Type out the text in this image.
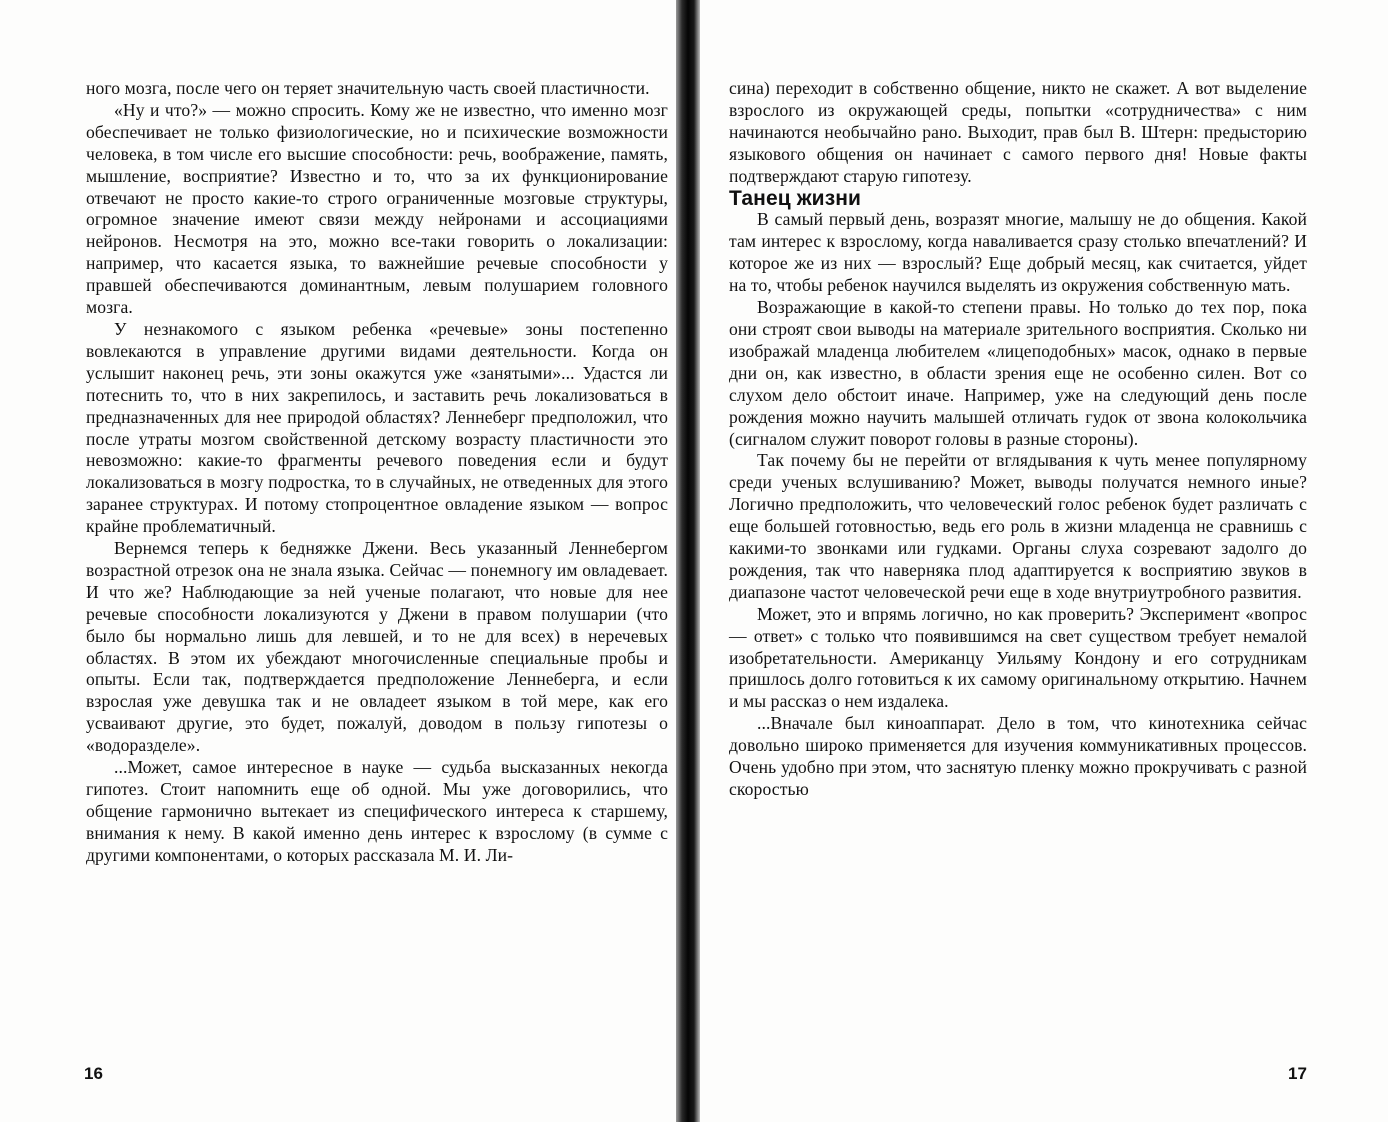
ного мозга, после чего он теряет значительную часть своей пластичности.

«Ну и что?» — можно спросить. Кому же не известно, что именно мозг обеспечивает не только физиологические, но и психические возможности человека, в том числе его высшие способности: речь, воображение, память, мышление, восприятие? Известно и то, что за их функционирование отвечают не просто какие-то строго ограниченные мозговые структуры, огромное значение имеют связи между нейронами и ассоциациями нейронов. Несмотря на это, можно все-таки говорить о локализации: например, что касается языка, то важнейшие речевые способности у правшей обеспечиваются доминантным, левым полушарием головного мозга.

У незнакомого с языком ребенка «речевые» зоны постепенно вовлекаются в управление другими видами деятельности. Когда он услышит наконец речь, эти зоны окажутся уже «занятыми»... Удастся ли потеснить то, что в них закрепилось, и заставить речь локализоваться в предназначенных для нее природой областях? Леннеберг предположил, что после утраты мозгом свойственной детскому возрасту пластичности это невозможно: какие-то фрагменты речевого поведения если и будут локализоваться в мозгу подростка, то в случайных, не отведенных для этого заранее структурах. И потому стопроцентное овладение языком — вопрос крайне проблематичный.

Вернемся теперь к бедняжке Джени. Весь указанный Леннебергом возрастной отрезок она не знала языка. Сейчас — понемногу им овладевает. И что же? Наблюдающие за ней ученые полагают, что новые для нее речевые способности локализуются у Джени в правом полушарии (что было бы нормально лишь для левшей, и то не для всех) в неречевых областях. В этом их убеждают многочисленные специальные пробы и опыты. Если так, подтверждается предположение Леннеберга, и если взрослая уже девушка так и не овладеет языком в той мере, как его усваивают другие, это будет, пожалуй, доводом в пользу гипотезы о «водоразделе».

...Может, самое интересное в науке — судьба высказанных некогда гипотез. Стоит напомнить еще об одной. Мы уже договорились, что общение гармонично вытекает из специфического интереса к старшему, внимания к нему. В какой именно день интерес к взрослому (в сумме с другими компонентами, о которых рассказала М. И. Ли-

16

сина) переходит в собственно общение, никто не скажет. А вот выделение взрослого из окружающей среды, попытки «сотрудничества» с ним начинаются необычайно рано. Выходит, прав был В. Штерн: предысторию языкового общения он начинает с самого первого дня! Новые факты подтверждают старую гипотезу.

Танец жизни

В самый первый день, возразят многие, малышу не до общения. Какой там интерес к взрослому, когда наваливается сразу столько впечатлений? И которое же из них — взрослый? Еще добрый месяц, как считается, уйдет на то, чтобы ребенок научился выделять из окружения собственную мать.

Возражающие в какой-то степени правы. Но только до тех пор, пока они строят свои выводы на материале зрительного восприятия. Сколько ни изображай младенца любителем «лицеподобных» масок, однако в первые дни он, как известно, в области зрения еще не особенно силен. Вот со слухом дело обстоит иначе. Например, уже на следующий день после рождения можно научить малышей отличать гудок от звона колокольчика (сигналом служит поворот головы в разные стороны).

Так почему бы не перейти от вглядывания к чуть менее популярному среди ученых вслушиванию? Может, выводы получатся немного иные? Логично предположить, что человеческий голос ребенок будет различать с еще большей готовностью, ведь его роль в жизни младенца не сравнишь с какими-то звонками или гудками. Органы слуха созревают задолго до рождения, так что наверняка плод адаптируется к восприятию звуков в диапазоне частот человеческой речи еще в ходе внутриутробного развития.

Может, это и впрямь логично, но как проверить? Эксперимент «вопрос — ответ» с только что появившимся на свет существом требует немалой изобретательности. Американцу Уильяму Кондону и его сотрудникам пришлось долго готовиться к их самому оригинальному открытию. Начнем и мы рассказ о нем издалека.

...Вначале был киноаппарат. Дело в том, что кинотехника сейчас довольно широко применяется для изучения коммуникативных процессов. Очень удобно при этом, что заснятую пленку можно прокручивать с разной скоростью

17
